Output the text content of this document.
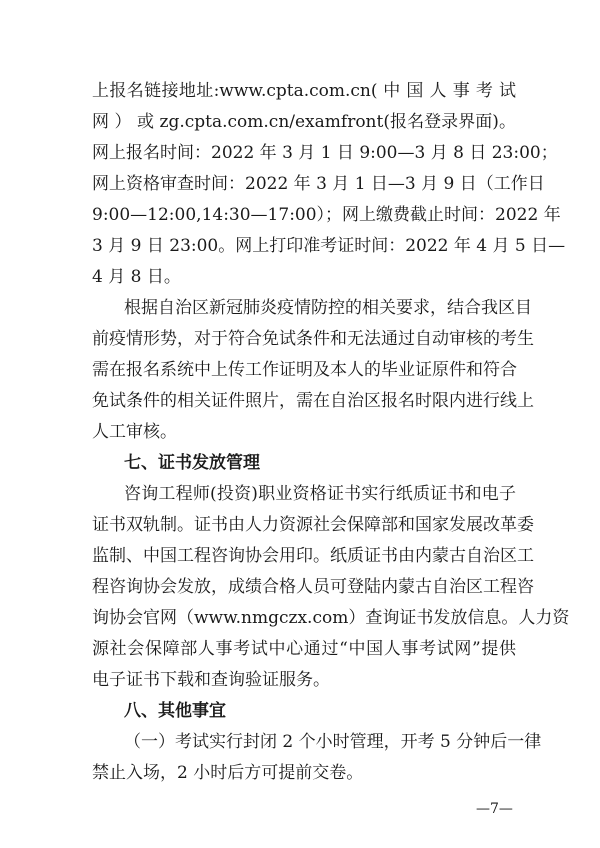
上报名链接地址:www.cpta.com.cn( 中 国 人 事 考 试
网 ） 或 zg.cpta.com.cn/examfront(报名登录界面)。
网上报名时间：2022 年 3 月 1 日 9:00—3 月 8 日 23:00；
网上资格审查时间：2022 年 3 月 1 日—3 月 9 日（工作日
9:00—12:00,14:30—17:00）；网上缴费截止时间：2022 年
3 月 9 日 23:00。网上打印准考证时间：2022 年 4 月 5 日—
4 月 8 日。
根据自治区新冠肺炎疫情防控的相关要求，结合我区目
前疫情形势，对于符合免试条件和无法通过自动审核的考生
需在报名系统中上传工作证明及本人的毕业证原件和符合
免试条件的相关证件照片，需在自治区报名时限内进行线上
人工审核。
七、证书发放管理
咨询工程师(投资)职业资格证书实行纸质证书和电子
证书双轨制。证书由人力资源社会保障部和国家发展改革委
监制、中国工程咨询协会用印。纸质证书由内蒙古自治区工
程咨询协会发放，成绩合格人员可登陆内蒙古自治区工程咨
询协会官网（www.nmgczx.com）查询证书发放信息。人力资
源社会保障部人事考试中心通过“中国人事考试网”提供
电子证书下载和查询验证服务。
八、其他事宜
（一）考试实行封闭 2 个小时管理，开考 5 分钟后一律
禁止入场，2 小时后方可提前交卷。
—7—
